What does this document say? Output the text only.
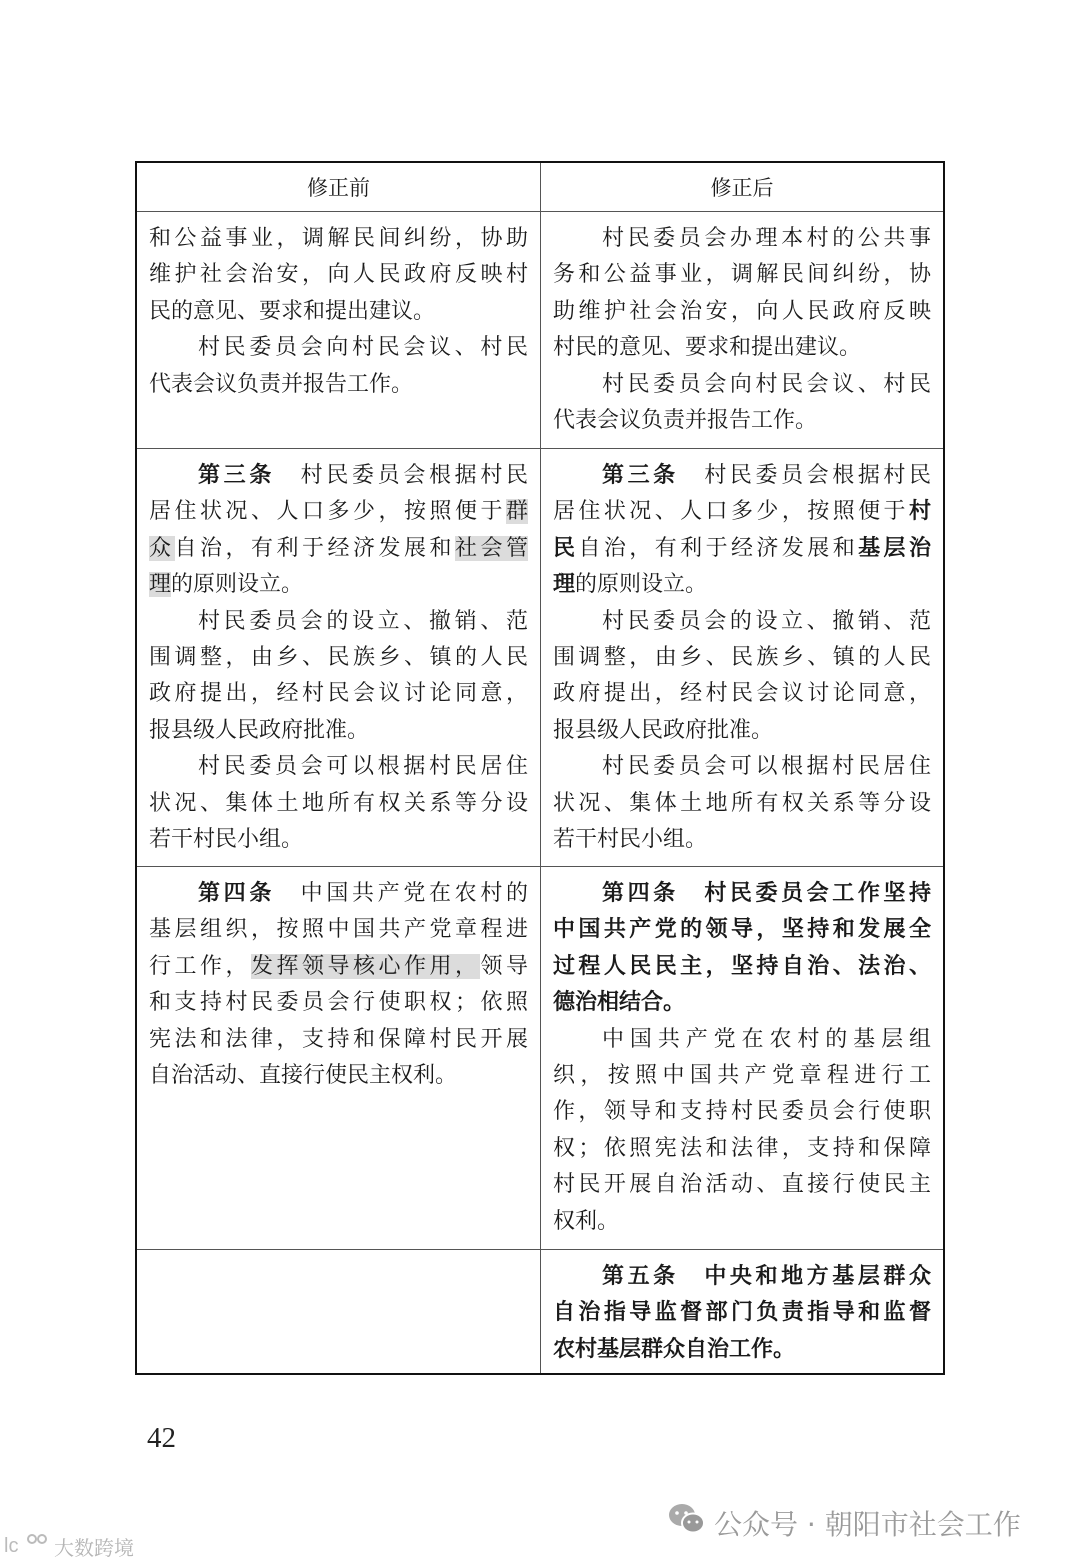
修正前	修正后
和公益事业，调解民间纠纷，协助
维护社会治安，向人民政府反映村
民的意见、要求和提出建议。
村民委员会向村民会议、村民
代表会议负责并报告工作。
村民委员会办理本村的公共事
务和公益事业，调解民间纠纷，协
助维护社会治安，向人民政府反映
村民的意见、要求和提出建议。
村民委员会向村民会议、村民
代表会议负责并报告工作。
第三条　村民委员会根据村民
居住状况、人口多少，按照便于群
众自治，有利于经济发展和社会管
理的原则设立。
村民委员会的设立、撤销、范
围调整，由乡、民族乡、镇的人民
政府提出，经村民会议讨论同意，
报县级人民政府批准。
村民委员会可以根据村民居住
状况、集体土地所有权关系等分设
若干村民小组。
第三条　村民委员会根据村民
居住状况、人口多少，按照便于村
民自治，有利于经济发展和基层治
理的原则设立。
村民委员会的设立、撤销、范
围调整，由乡、民族乡、镇的人民
政府提出，经村民会议讨论同意，
报县级人民政府批准。
村民委员会可以根据村民居住
状况、集体土地所有权关系等分设
若干村民小组。
第四条　中国共产党在农村的
基层组织，按照中国共产党章程进
行工作，发挥领导核心作用，领导
和支持村民委员会行使职权；依照
宪法和法律，支持和保障村民开展
自治活动、直接行使民主权利。
第四条　村民委员会工作坚持
中国共产党的领导，坚持和发展全
过程人民民主，坚持自治、法治、
德治相结合。
中国共产党在农村的基层组
织，按照中国共产党章程进行工
作，领导和支持村民委员会行使职
权；依照宪法和法律，支持和保障
村民开展自治活动、直接行使民主
权利。
第五条　中央和地方基层群众
自治指导监督部门负责指导和监督
农村基层群众自治工作。
42
公众号 · 朝阳市社会工作
lc 大数跨境
